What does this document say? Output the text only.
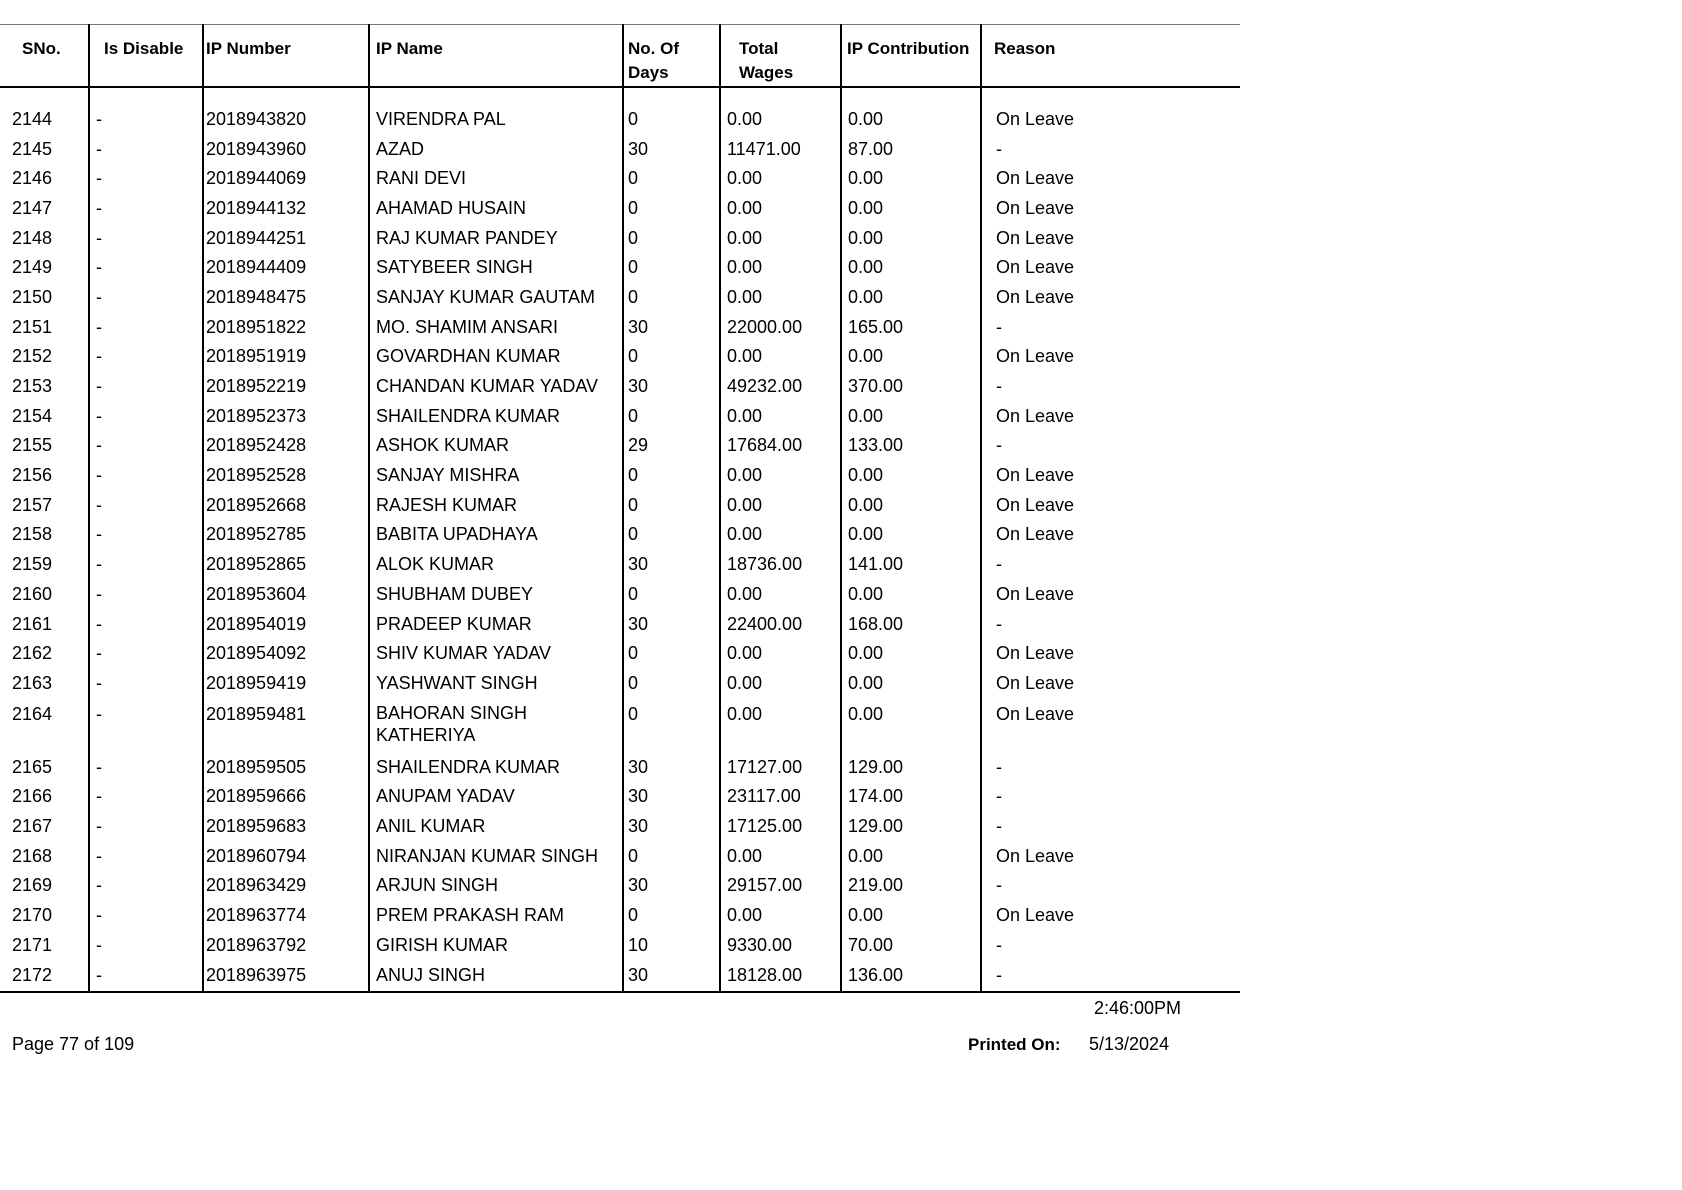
SNo.	Is Disable	IP Number	IP Name	No. Of Days	Total Wages	IP Contribution	Reason

2144	-	2018943820	VIRENDRA PAL	0	0.00	0.00	On Leave
2145	-	2018943960	AZAD	30	11471.00	87.00	-
2146	-	2018944069	RANI DEVI	0	0.00	0.00	On Leave
2147	-	2018944132	AHAMAD HUSAIN	0	0.00	0.00	On Leave
2148	-	2018944251	RAJ KUMAR PANDEY	0	0.00	0.00	On Leave
2149	-	2018944409	SATYBEER SINGH	0	0.00	0.00	On Leave
2150	-	2018948475	SANJAY KUMAR GAUTAM	0	0.00	0.00	On Leave
2151	-	2018951822	MO. SHAMIM ANSARI	30	22000.00	165.00	-
2152	-	2018951919	GOVARDHAN KUMAR	0	0.00	0.00	On Leave
2153	-	2018952219	CHANDAN KUMAR YADAV	30	49232.00	370.00	-
2154	-	2018952373	SHAILENDRA KUMAR	0	0.00	0.00	On Leave
2155	-	2018952428	ASHOK KUMAR	29	17684.00	133.00	-
2156	-	2018952528	SANJAY MISHRA	0	0.00	0.00	On Leave
2157	-	2018952668	RAJESH KUMAR	0	0.00	0.00	On Leave
2158	-	2018952785	BABITA UPADHAYA	0	0.00	0.00	On Leave
2159	-	2018952865	ALOK KUMAR	30	18736.00	141.00	-
2160	-	2018953604	SHUBHAM DUBEY	0	0.00	0.00	On Leave
2161	-	2018954019	PRADEEP KUMAR	30	22400.00	168.00	-
2162	-	2018954092	SHIV KUMAR YADAV	0	0.00	0.00	On Leave
2163	-	2018959419	YASHWANT SINGH	0	0.00	0.00	On Leave
2164	-	2018959481	BAHORAN SINGH KATHERIYA	0	0.00	0.00	On Leave
2165	-	2018959505	SHAILENDRA KUMAR	30	17127.00	129.00	-
2166	-	2018959666	ANUPAM YADAV	30	23117.00	174.00	-
2167	-	2018959683	ANIL KUMAR	30	17125.00	129.00	-
2168	-	2018960794	NIRANJAN KUMAR SINGH	0	0.00	0.00	On Leave
2169	-	2018963429	ARJUN SINGH	30	29157.00	219.00	-
2170	-	2018963774	PREM PRAKASH RAM	0	0.00	0.00	On Leave
2171	-	2018963792	GIRISH KUMAR	10	9330.00	70.00	-
2172	-	2018963975	ANUJ SINGH	30	18128.00	136.00	-
2:46:00PM
Page 77 of 109	Printed On: 5/13/2024
